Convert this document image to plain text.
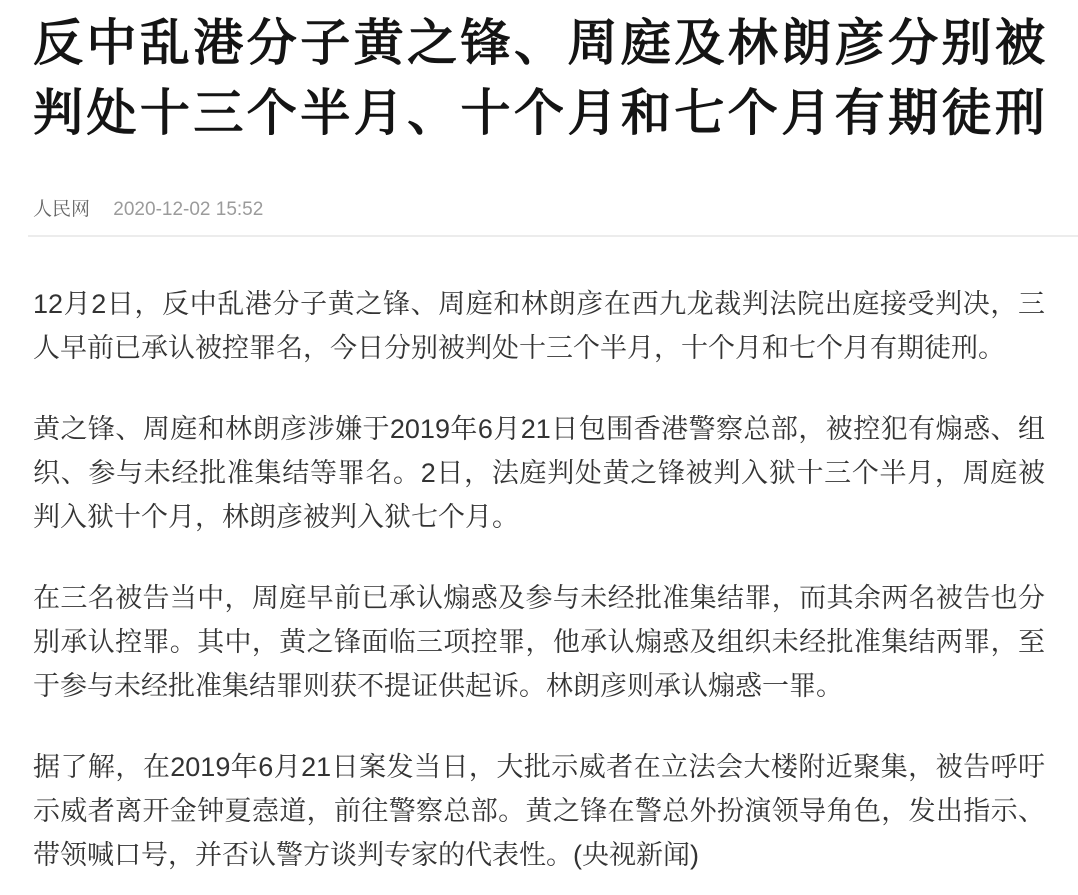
反中乱港分子黄之锋、周庭及林朗彦分别被
判处十三个半月、十个月和七个月有期徒刑
人民网 2020-12-02 15:52

12月2日，反中乱港分子黄之锋、周庭和林朗彦在西九龙裁判法院出庭接受判决，三人早前已承认被控罪名，今日分别被判处十三个半月，十个月和七个月有期徒刑。

黄之锋、周庭和林朗彦涉嫌于2019年6月21日包围香港警察总部，被控犯有煽惑、组织、参与未经批准集结等罪名。2日，法庭判处黄之锋被判入狱十三个半月，周庭被判入狱十个月，林朗彦被判入狱七个月。

在三名被告当中，周庭早前已承认煽惑及参与未经批准集结罪，而其余两名被告也分别承认控罪。其中，黄之锋面临三项控罪，他承认煽惑及组织未经批准集结两罪，至于参与未经批准集结罪则获不提证供起诉。林朗彦则承认煽惑一罪。

据了解，在2019年6月21日案发当日，大批示威者在立法会大楼附近聚集，被告呼吁示威者离开金钟夏悫道，前往警察总部。黄之锋在警总外扮演领导角色，发出指示、带领喊口号，并否认警方谈判专家的代表性。(央视新闻)
